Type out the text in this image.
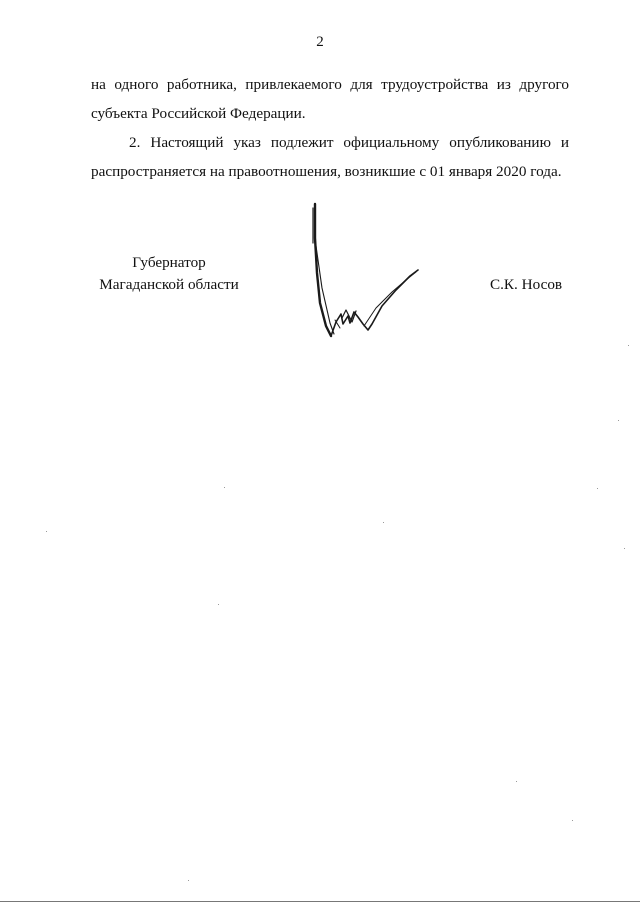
2

на одного работника, привлекаемого для трудоустройства из другого

субъекта Российской Федерации.

2. Настоящий указ подлежит официальному опубликованию и

распространяется на правоотношения, возникшие с 01 января 2020 года.

Губернатор
Магаданской области	С.К. Носов
